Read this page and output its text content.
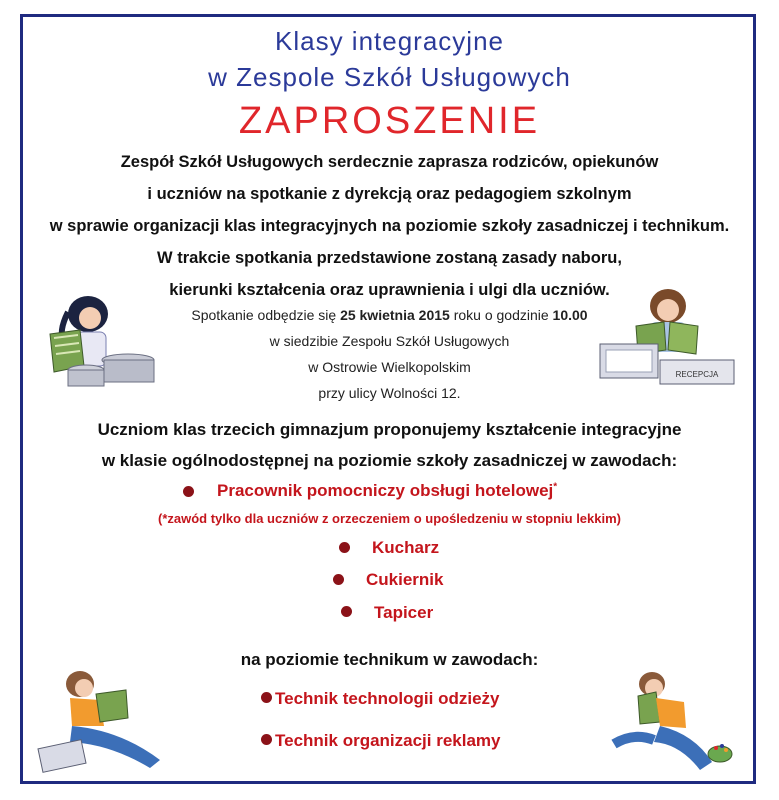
Klasy integracyjne
w Zespole Szkół Usługowych
ZAPROSZENIE
Zespół Szkół Usługowych serdecznie zaprasza rodziców, opiekunów
i uczniów na spotkanie z dyrekcją oraz pedagogiem szkolnym
w sprawie organizacji klas integracyjnych na poziomie szkoły zasadniczej i technikum.
W trakcie spotkania przedstawione zostaną zasady naboru,
kierunki kształcenia oraz uprawnienia i ulgi dla uczniów.
Spotkanie odbędzie się 25 kwietnia 2015 roku o godzinie 10.00
w siedzibie Zespołu Szkół Usługowych
w Ostrowie Wielkopolskim
przy ulicy Wolności 12.
Uczniom klas trzecich gimnazjum proponujemy kształcenie integracyjne
w klasie ogólnodostępnej na poziomie szkoły zasadniczej w zawodach:
Pracownik pomocniczy obsługi hotelowej*
(*zawód tylko dla uczniów z orzeczeniem o upośledzeniu w stopniu lekkim)
Kucharz
Cukiernik
Tapicer
na poziomie technikum w zawodach:
Technik technologii odzieży
Technik organizacji reklamy
RECEPCJA
